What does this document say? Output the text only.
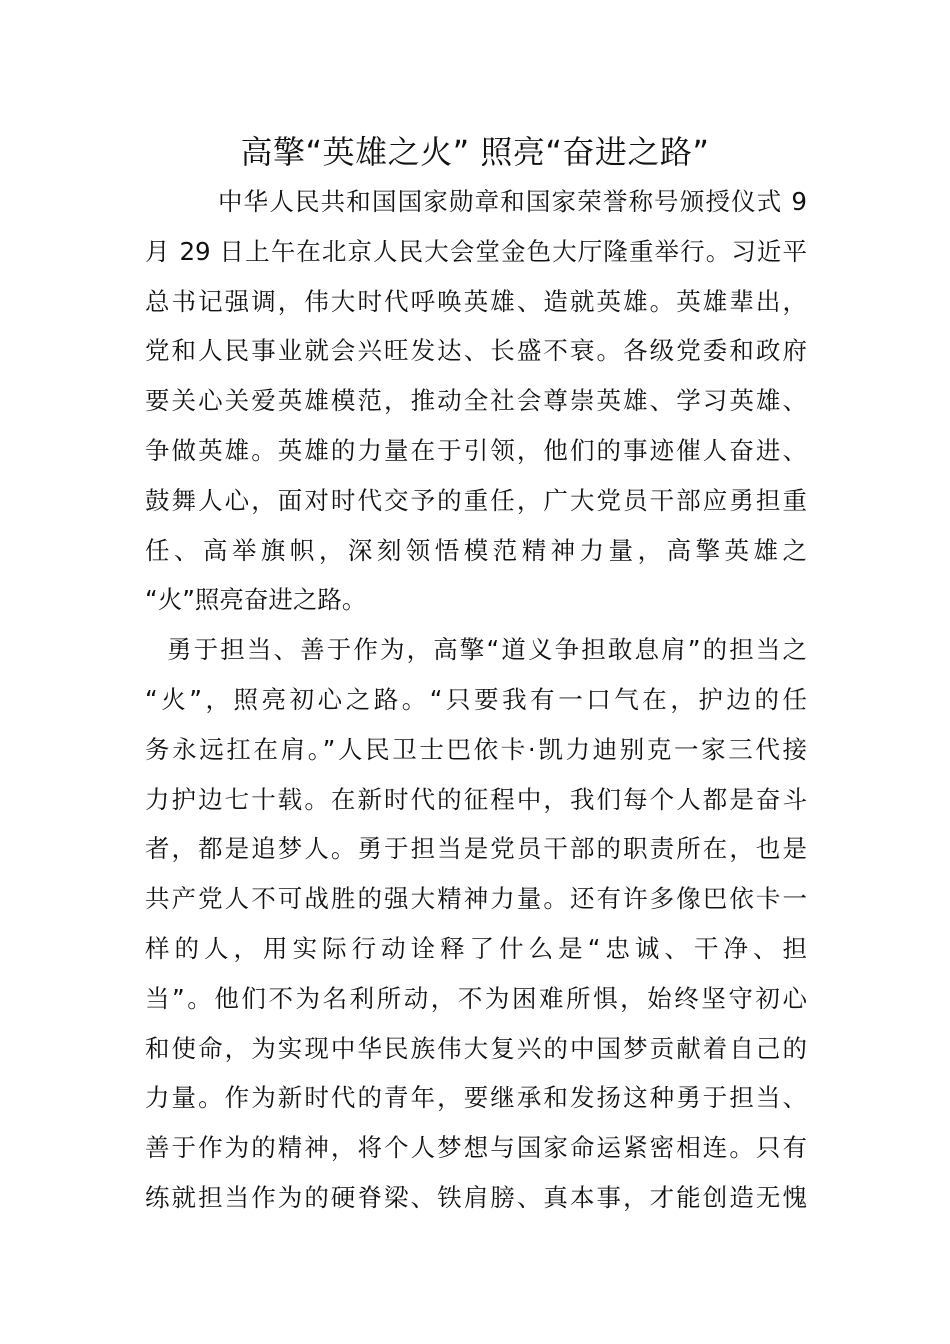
高擎“英雄之火” 照亮“奋进之路”

中华人民共和国国家勋章和国家荣誉称号颁授仪式 9
月 29 日上午在北京人民大会堂金色大厅隆重举行。习近平
总书记强调，伟大时代呼唤英雄、造就英雄。英雄辈出，
党和人民事业就会兴旺发达、长盛不衰。各级党委和政府
要关心关爱英雄模范，推动全社会尊崇英雄、学习英雄、
争做英雄。英雄的力量在于引领，他们的事迹催人奋进、
鼓舞人心，面对时代交予的重任，广大党员干部应勇担重
任、高举旗帜，深刻领悟模范精神力量，高擎英雄之
“火”照亮奋进之路。

勇于担当、善于作为，高擎“道义争担敢息肩”的担当之
“火”，照亮初心之路。“只要我有一口气在，护边的任
务永远扛在肩。”人民卫士巴依卡·凯力迪别克一家三代接
力护边七十载。在新时代的征程中，我们每个人都是奋斗
者，都是追梦人。勇于担当是党员干部的职责所在，也是
共产党人不可战胜的强大精神力量。还有许多像巴依卡一
样的人，用实际行动诠释了什么是“忠诚、干净、担
当”。他们不为名利所动，不为困难所惧，始终坚守初心
和使命，为实现中华民族伟大复兴的中国梦贡献着自己的
力量。作为新时代的青年，要继承和发扬这种勇于担当、
善于作为的精神，将个人梦想与国家命运紧密相连。只有
练就担当作为的硬脊梁、铁肩膀、真本事，才能创造无愧
